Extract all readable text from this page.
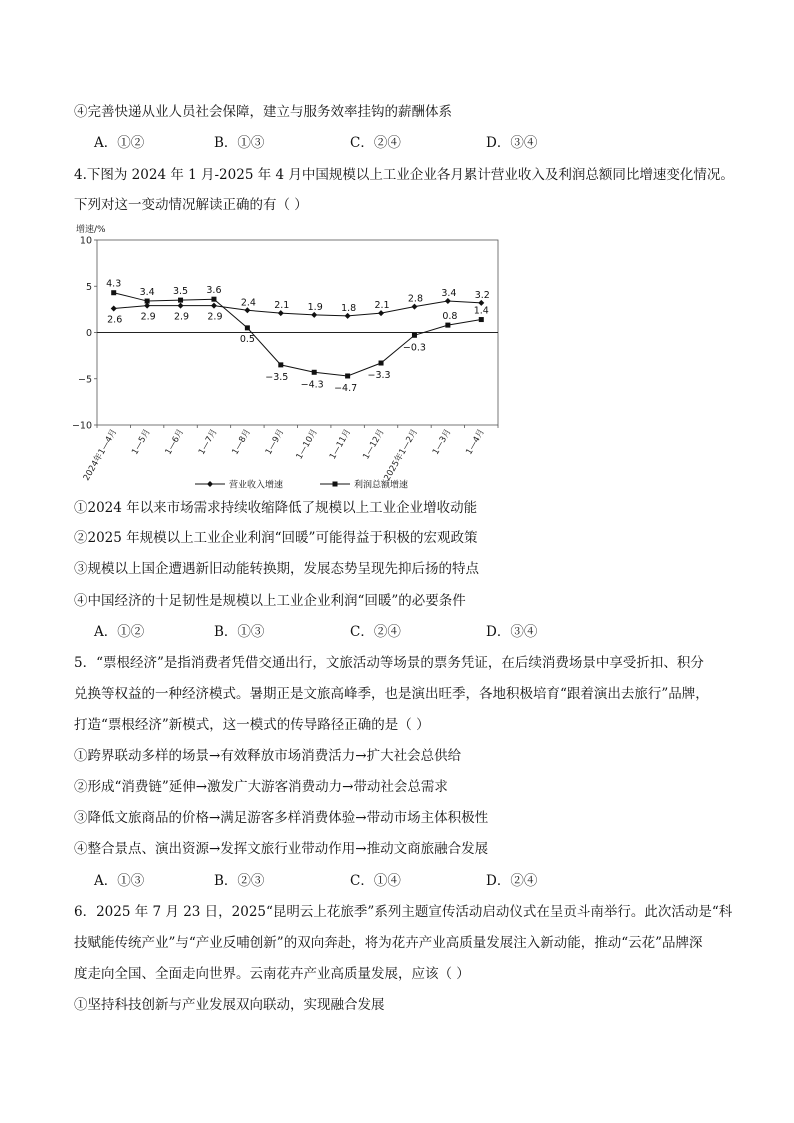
④完善快递从业人员社会保障，建立与服务效率挂钩的薪酬体系
A．①②	B．①③	C．②④	D．③④
4.下图为 2024 年 1 月-2025 年 4 月中国规模以上工业企业各月累计营业收入及利润总额同比增速变化情况。
下列对这一变动情况解读正确的有（ ）
增速/%
10
5
0
−5
−10
2024年1—4月 1—5月 1—6月 1—7月 1—8月 1—9月 1—10月 1—11月 1—12月
2025年1—2月 1—3月 1—4月
2.6 2.9 2.9 2.9
2.4 2.1 1.9 1.8 2.1
2.8
3.4 3.2
4.3
3.4 3.5 3.6
0.5
−3.5
−4.3 −4.7
−3.3
−0.3
0.8
1.4
营业收入增速	利润总额增速
①2024 年以来市场需求持续收缩降低了规模以上工业企业增收动能
②2025 年规模以上工业企业利润“回暖”可能得益于积极的宏观政策
③规模以上国企遭遇新旧动能转换期，发展态势呈现先抑后扬的特点
④中国经济的十足韧性是规模以上工业企业利润“回暖”的必要条件
A．①②	B．①③	C．②④	D．③④
5．“票根经济”是指消费者凭借交通出行，文旅活动等场景的票务凭证，在后续消费场景中享受折扣、积分
兑换等权益的一种经济模式。暑期正是文旅高峰季，也是演出旺季，各地积极培育“跟着演出去旅行”品牌，
打造“票根经济”新模式，这一模式的传导路径正确的是（ ）
①跨界联动多样的场景→有效释放市场消费活力→扩大社会总供给
②形成“消费链”延伸→激发广大游客消费动力→带动社会总需求
③降低文旅商品的价格→满足游客多样消费体验→带动市场主体积极性
④整合景点、演出资源→发挥文旅行业带动作用→推动文商旅融合发展
A．①③	B．②③	C．①④	D．②④
6．2025 年 7 月 23 日，2025“昆明云上花旅季”系列主题宣传活动启动仪式在呈贡斗南举行。此次活动是“科
技赋能传统产业”与“产业反哺创新”的双向奔赴，将为花卉产业高质量发展注入新动能，推动“云花”品牌深
度走向全国、全面走向世界。云南花卉产业高质量发展，应该（ ）
①坚持科技创新与产业发展双向联动，实现融合发展
